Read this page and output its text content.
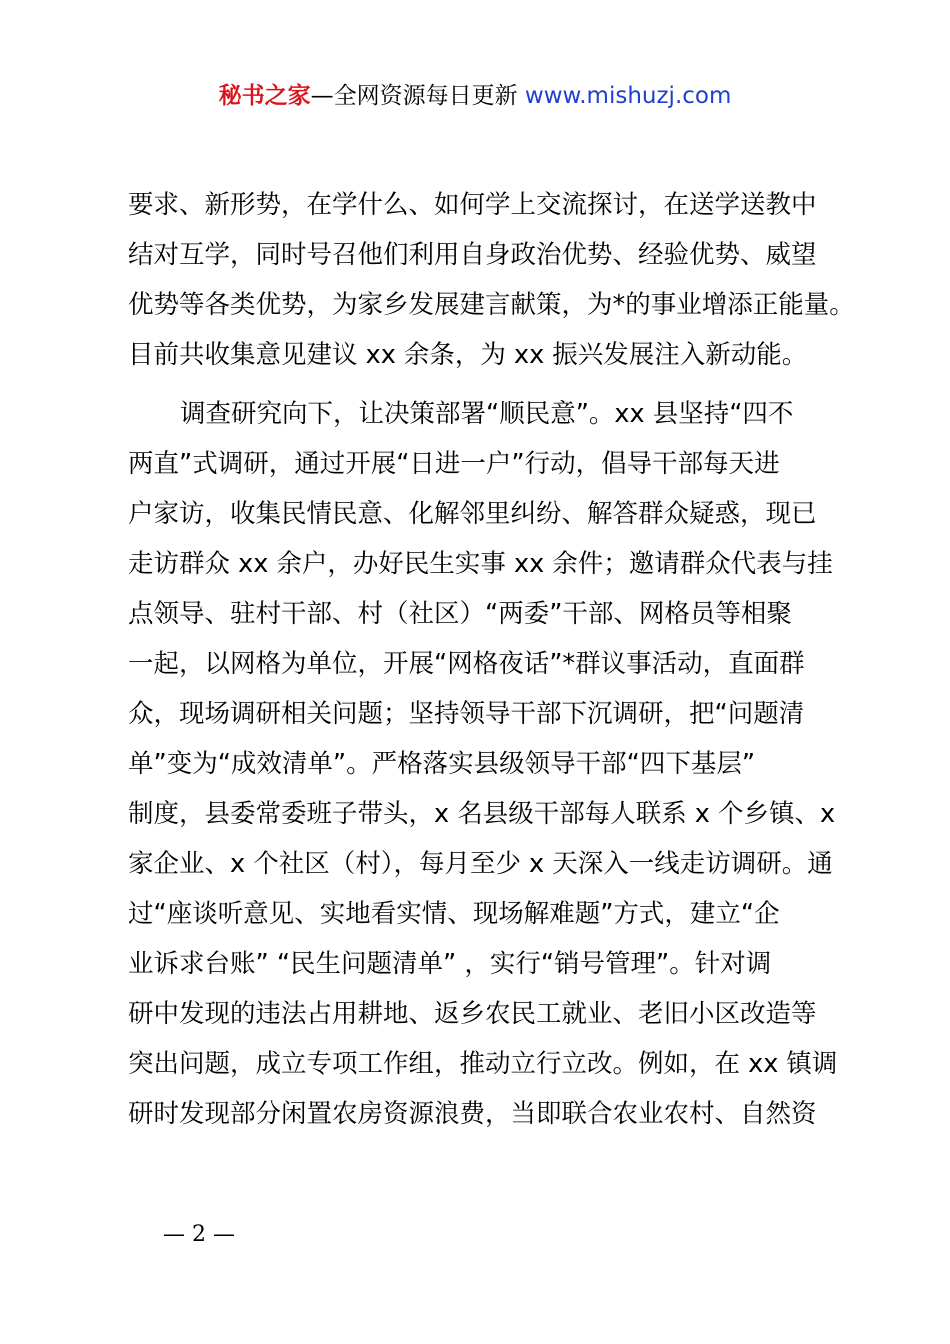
秘书之家—全网资源每日更新 www.mishuzj.com
要求、新形势，在学什么、如何学上交流探讨，在送学送教中
结对互学，同时号召他们利用自身政治优势、经验优势、威望
优势等各类优势，为家乡发展建言献策，为*的事业增添正能量。
目前共收集意见建议 xx 余条，为 xx 振兴发展注入新动能。
调查研究向下，让决策部署“顺民意”。xx 县坚持“四不
两直”式调研，通过开展“日进一户”行动，倡导干部每天进
户家访，收集民情民意、化解邻里纠纷、解答群众疑惑，现已
走访群众 xx 余户，办好民生实事 xx 余件；邀请群众代表与挂
点领导、驻村干部、村（社区）“两委”干部、网格员等相聚
一起，以网格为单位，开展“网格夜话”*群议事活动，直面群
众，现场调研相关问题；坚持领导干部下沉调研，把“问题清
单”变为“成效清单”。严格落实县级领导干部“四下基层”
制度，县委常委班子带头，x 名县级干部每人联系 x 个乡镇、x
家企业、x 个社区（村），每月至少 x 天深入一线走访调研。通
过“座谈听意见、实地看实情、现场解难题”方式，建立“企
业诉求台账” “民生问题清单” ，实行“销号管理”。针对调
研中发现的违法占用耕地、返乡农民工就业、老旧小区改造等
突出问题，成立专项工作组，推动立行立改。例如，在 xx 镇调
研时发现部分闲置农房资源浪费，当即联合农业农村、自然资
— 2 —
